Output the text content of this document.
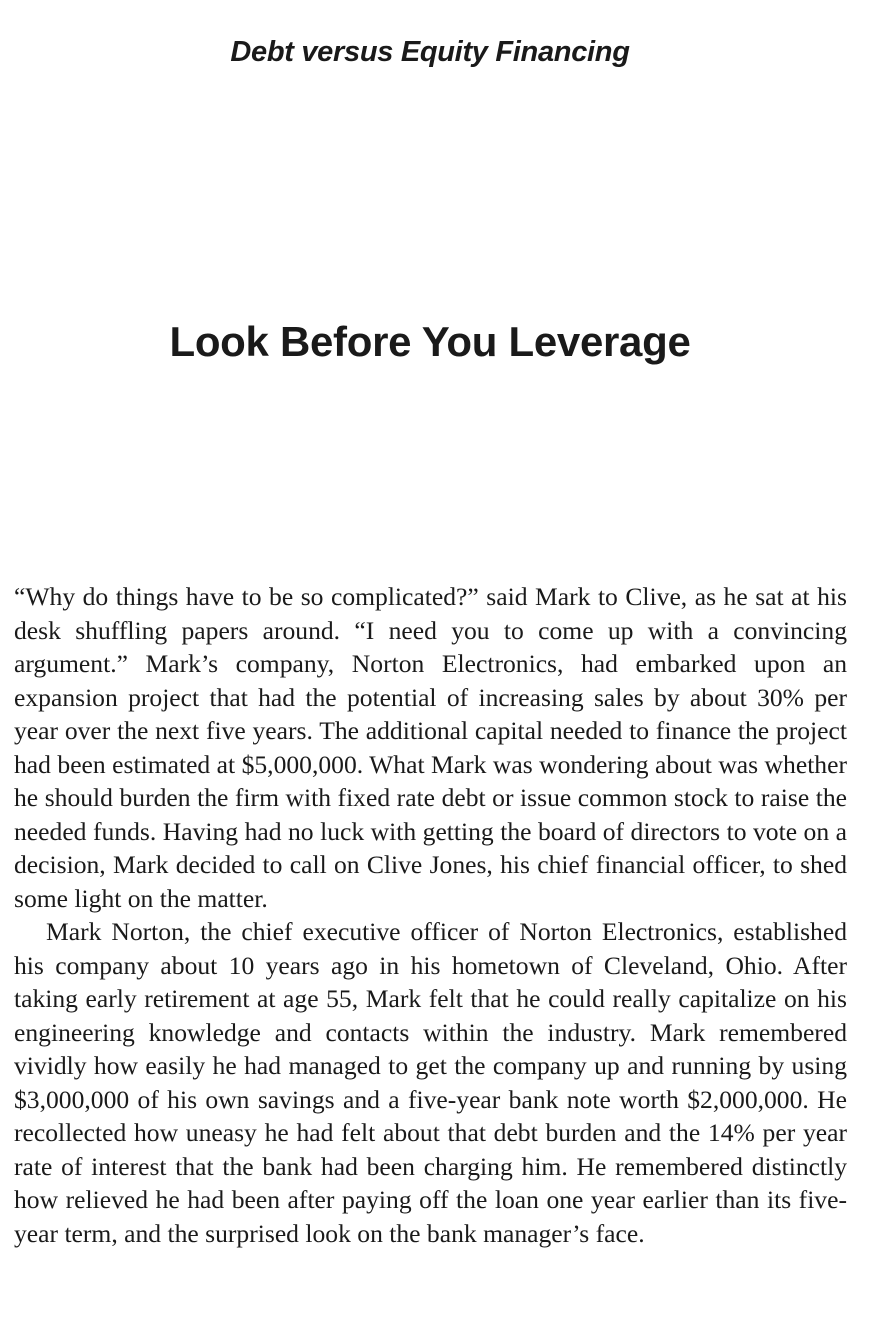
Debt versus Equity Financing
Look Before You Leverage

“Why do things have to be so complicated?” said Mark to Clive, as he sat at his desk shuffling papers around. “I need you to come up with a convincing argument.” Mark’s company, Norton Electronics, had embarked upon an expansion project that had the potential of increasing sales by about 30% per year over the next five years. The additional capital needed to finance the project had been estimated at $5,000,000. What Mark was wondering about was whether he should burden the firm with fixed rate debt or issue common stock to raise the needed funds. Having had no luck with getting the board of directors to vote on a decision, Mark decided to call on Clive Jones, his chief financial officer, to shed some light on the matter.

Mark Norton, the chief executive officer of Norton Electronics, established his company about 10 years ago in his hometown of Cleveland, Ohio. After taking early retirement at age 55, Mark felt that he could really capitalize on his engineering knowledge and contacts within the industry. Mark remembered vividly how easily he had managed to get the company up and running by using $3,000,000 of his own savings and a five-year bank note worth $2,000,000. He recollected how uneasy he had felt about that debt burden and the 14% per year rate of interest that the bank had been charging him. He remembered distinctly how relieved he had been after paying off the loan one year earlier than its five-year term, and the surprised look on the bank manager’s face.
